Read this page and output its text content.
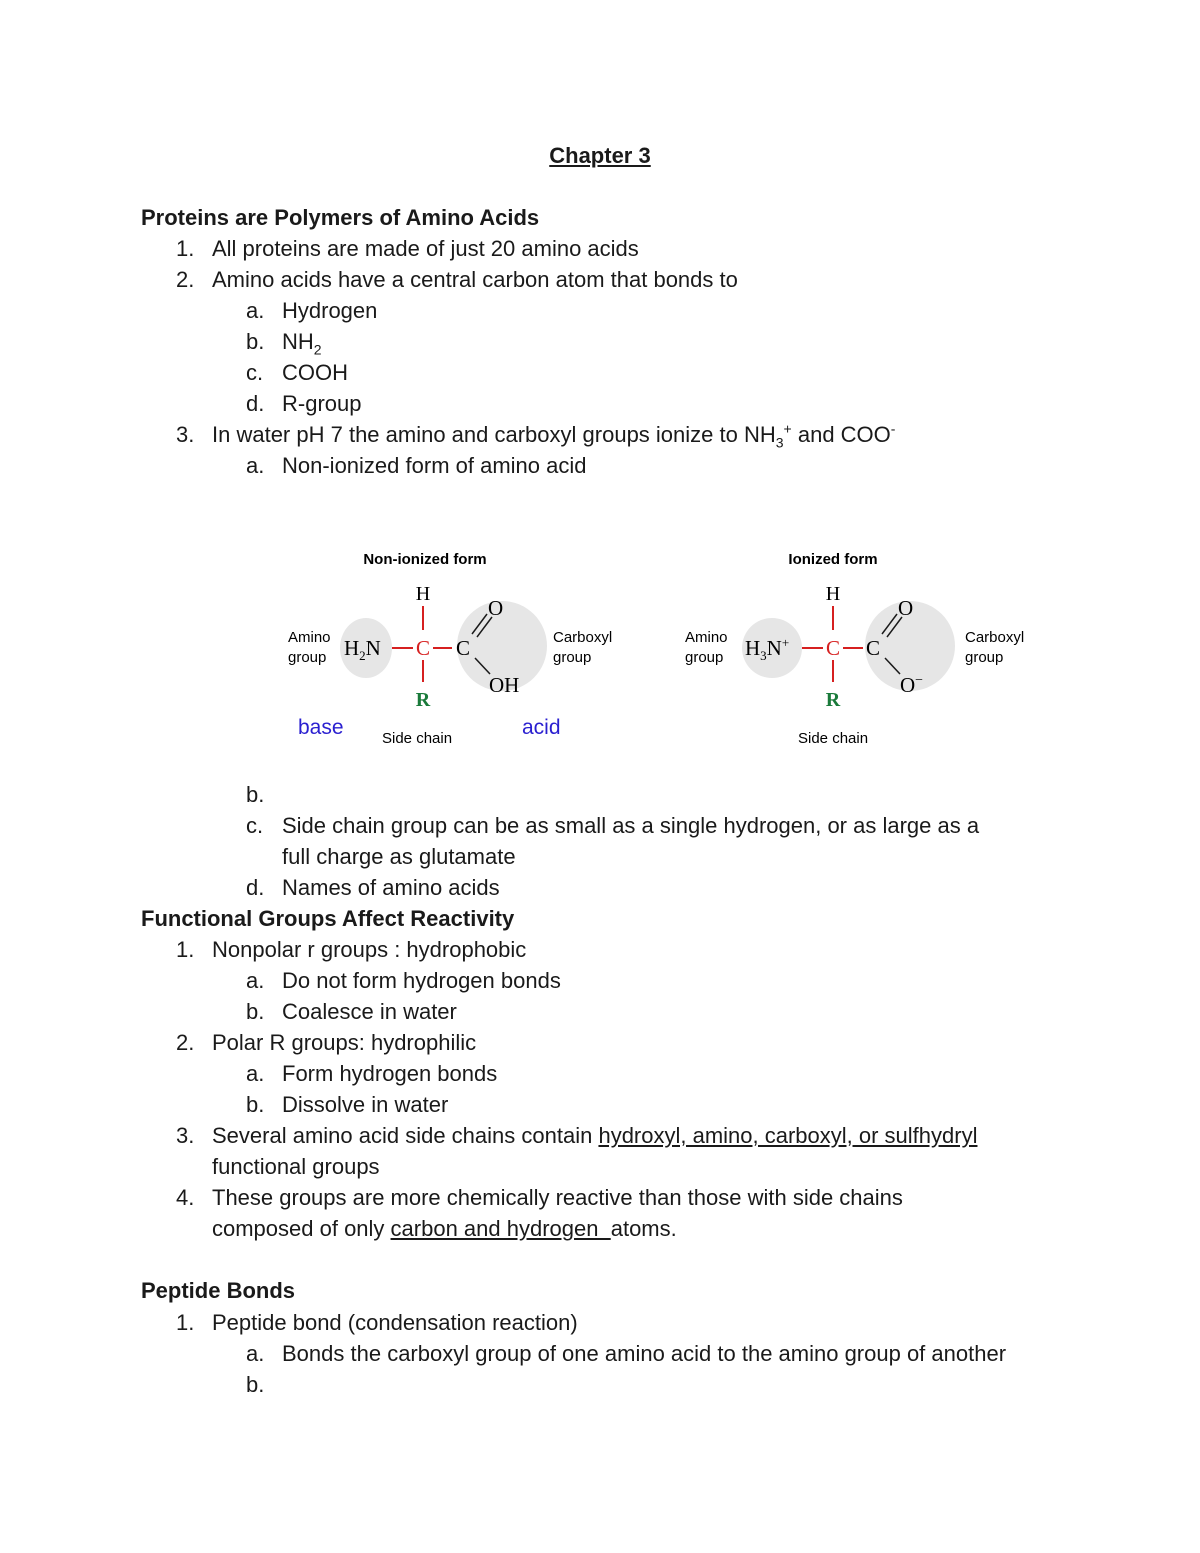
Chapter 3

Proteins are Polymers of Amino Acids

1. All proteins are made of just 20 amino acids

2. Amino acids have a central carbon atom that bonds to

a. Hydrogen

b. $NH_2$

c. COOH

d. R-group

3. In water pH 7 the amino and carboxyl groups ionize to $NH_3^+$ and COO-

a. Non-ionized form of amino acid

Non-ionized form
Amino
group
Carboxyl
group
H
$H_2N$ C C
O
OH
R
base	Side chain	acid
Ionized form
Amino
group
Carboxyl
group
H
$H_3N^+$ C C
O
O−
R
Side chain

b.

c. Side chain group can be as small as a single hydrogen, or as large as a

full charge as glutamate

d. Names of amino acids

Functional Groups Affect Reactivity

1. Nonpolar r groups : hydrophobic

a. Do not form hydrogen bonds

b. Coalesce in water

2. Polar R groups: hydrophilic

a. Form hydrogen bonds

b. Dissolve in water

3. Several amino acid side chains contain hydroxyl, amino, carboxyl, or sulfhydryl

functional groups

4. These groups are more chemically reactive than those with side chains

composed of only carbon and hydrogen  atoms.

Peptide Bonds

1. Peptide bond (condensation reaction)

a. Bonds the carboxyl group of one amino acid to the amino group of another

b.
